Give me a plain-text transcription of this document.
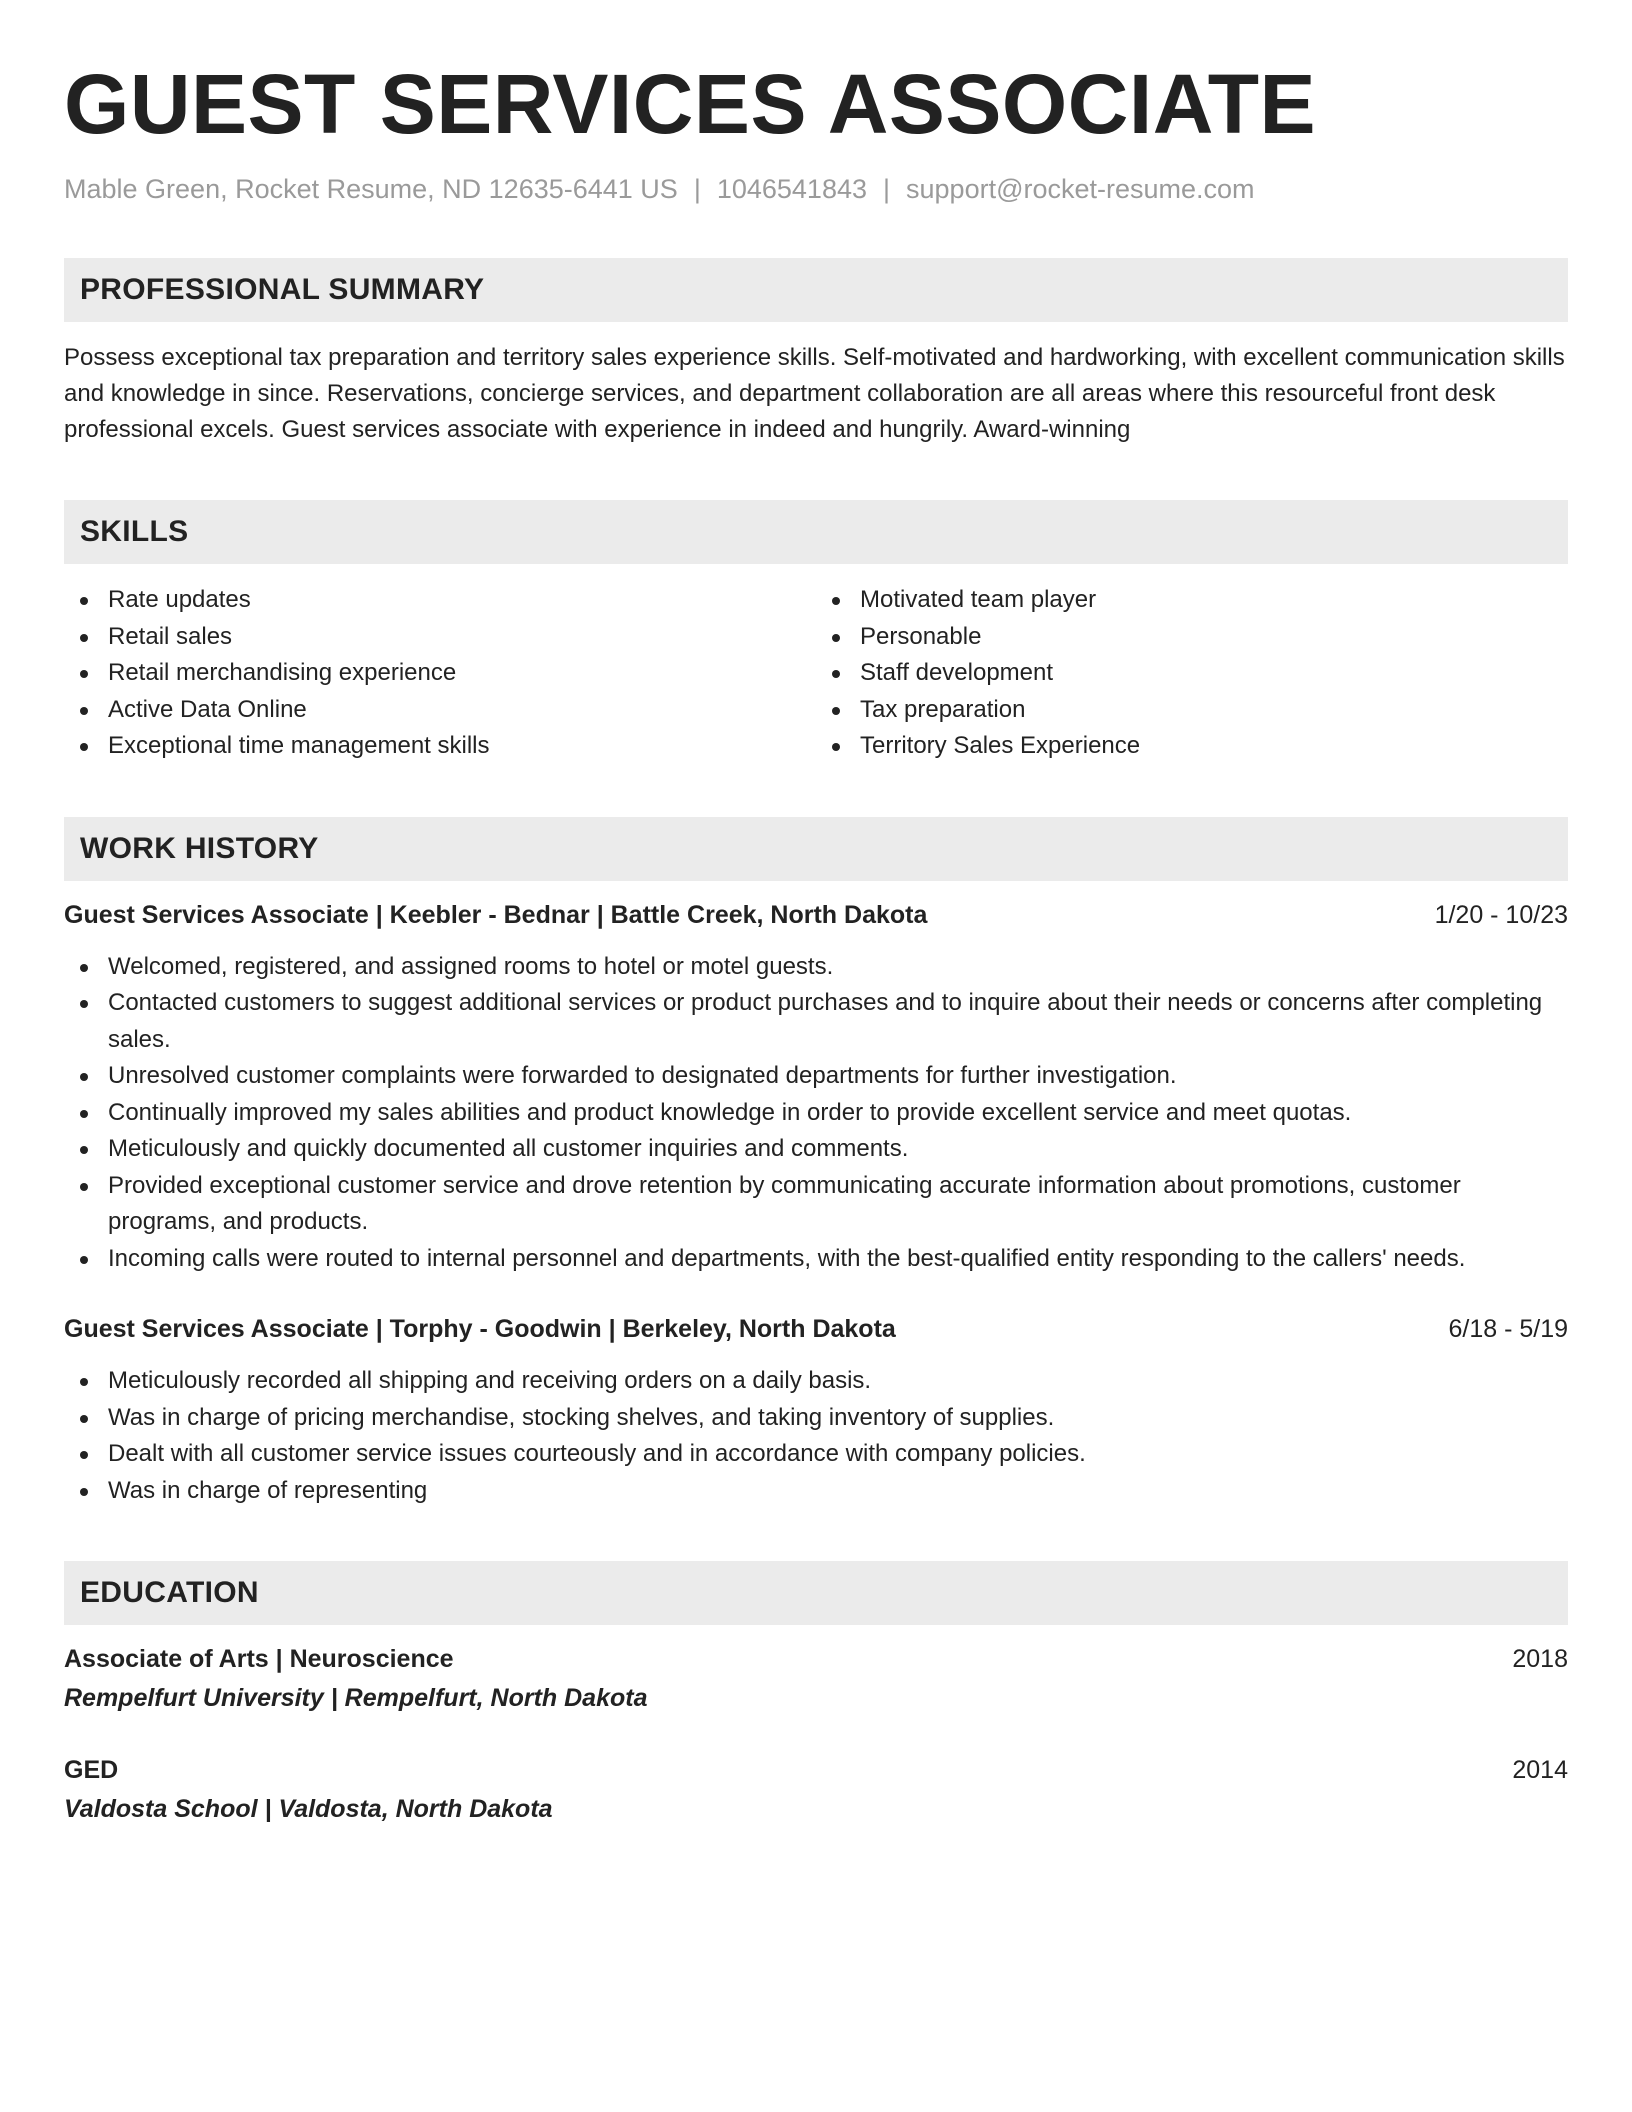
GUEST SERVICES ASSOCIATE
Mable Green, Rocket Resume, ND 12635-6441 US | 1046541843 | support@rocket-resume.com
PROFESSIONAL SUMMARY

Possess exceptional tax preparation and territory sales experience skills. Self-motivated and hardworking, with excellent communication skills and knowledge in since. Reservations, concierge services, and department collaboration are all areas where this resourceful front desk professional excels. Guest services associate with experience in indeed and hungrily. Award-winning

SKILLS
Rate updates
Retail sales
Retail merchandising experience
Active Data Online
Exceptional time management skills
Motivated team player
Personable
Staff development
Tax preparation
Territory Sales Experience
WORK HISTORY
Guest Services Associate | Keebler - Bednar | Battle Creek, North Dakota	1/20 - 10/23
Welcomed, registered, and assigned rooms to hotel or motel guests.
Contacted customers to suggest additional services or product purchases and to inquire about their needs or concerns after completing sales.
Unresolved customer complaints were forwarded to designated departments for further investigation.
Continually improved my sales abilities and product knowledge in order to provide excellent service and meet quotas.
Meticulously and quickly documented all customer inquiries and comments.
Provided exceptional customer service and drove retention by communicating accurate information about promotions, customer programs, and products.
Incoming calls were routed to internal personnel and departments, with the best-qualified entity responding to the callers' needs.
Guest Services Associate | Torphy - Goodwin | Berkeley, North Dakota	6/18 - 5/19
Meticulously recorded all shipping and receiving orders on a daily basis.
Was in charge of pricing merchandise, stocking shelves, and taking inventory of supplies.
Dealt with all customer service issues courteously and in accordance with company policies.
Was in charge of representing
EDUCATION
Associate of Arts | Neuroscience	2018
Rempelfurt University | Rempelfurt, North Dakota
GED	2014
Valdosta School | Valdosta, North Dakota
